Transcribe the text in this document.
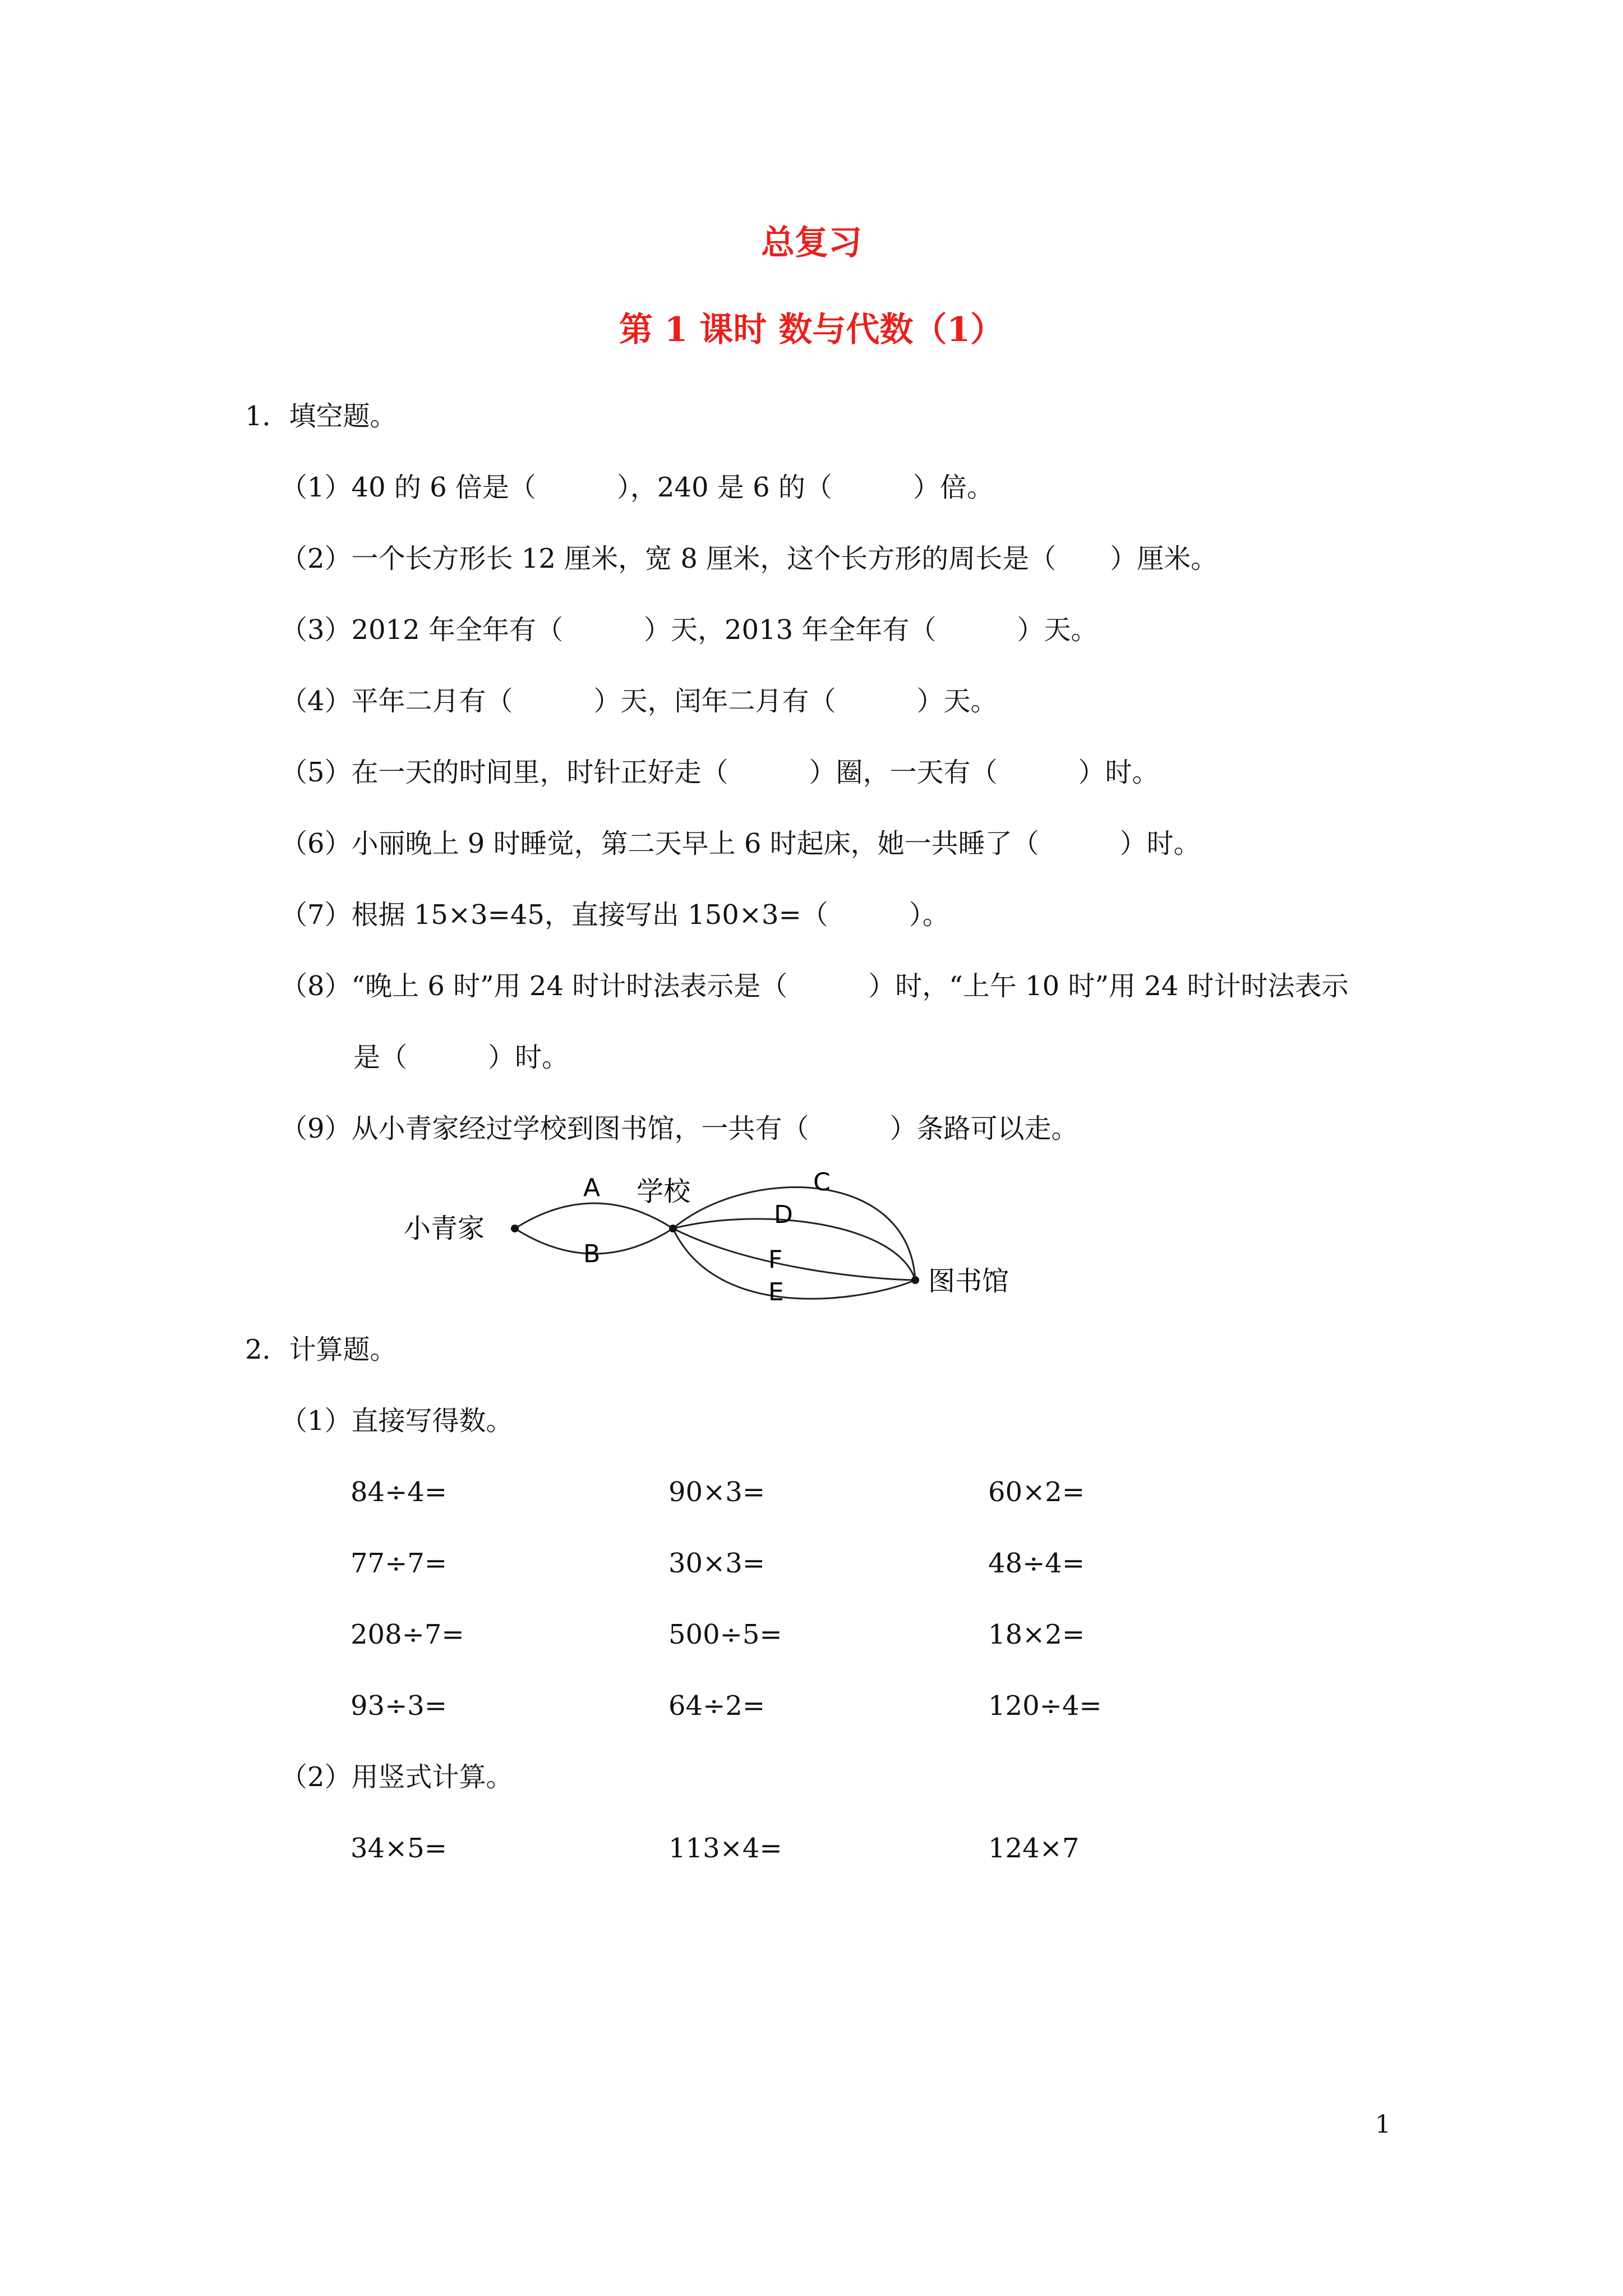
总复习
第 1 课时 数与代数（1）
1．填空题。
（1）40 的 6 倍是（　　　），240 是 6 的（　　　）倍。
（2）一个长方形长 12 厘米，宽 8 厘米，这个长方形的周长是（　　）厘米。
（3）2012 年全年有（　　　）天，2013 年全年有（　　　）天。
（4）平年二月有（　　　）天，闰年二月有（　　　）天。
（5）在一天的时间里，时针正好走（　　　）圈，一天有（　　　）时。
（6）小丽晚上 9 时睡觉，第二天早上 6 时起床，她一共睡了（　　　）时。
（7）根据 15×3=45，直接写出 150×3=（　　　）。
（8）“晚上 6 时”用 24 时计时法表示是（　　　）时，“上午 10 时”用 24 时计时法表示
是（　　　）时。
（9）从小青家经过学校到图书馆，一共有（　　　）条路可以走。
小青家
学校
图书馆
A
B
C
D
F
E
2．计算题。
（1）直接写得数。
84÷4=	90×3=	60×2=
77÷7=	30×3=	48÷4=
208÷7=	500÷5=	18×2=
93÷3=	64÷2=	120÷4=
（2）用竖式计算。
34×5=	113×4=	124×7
1
